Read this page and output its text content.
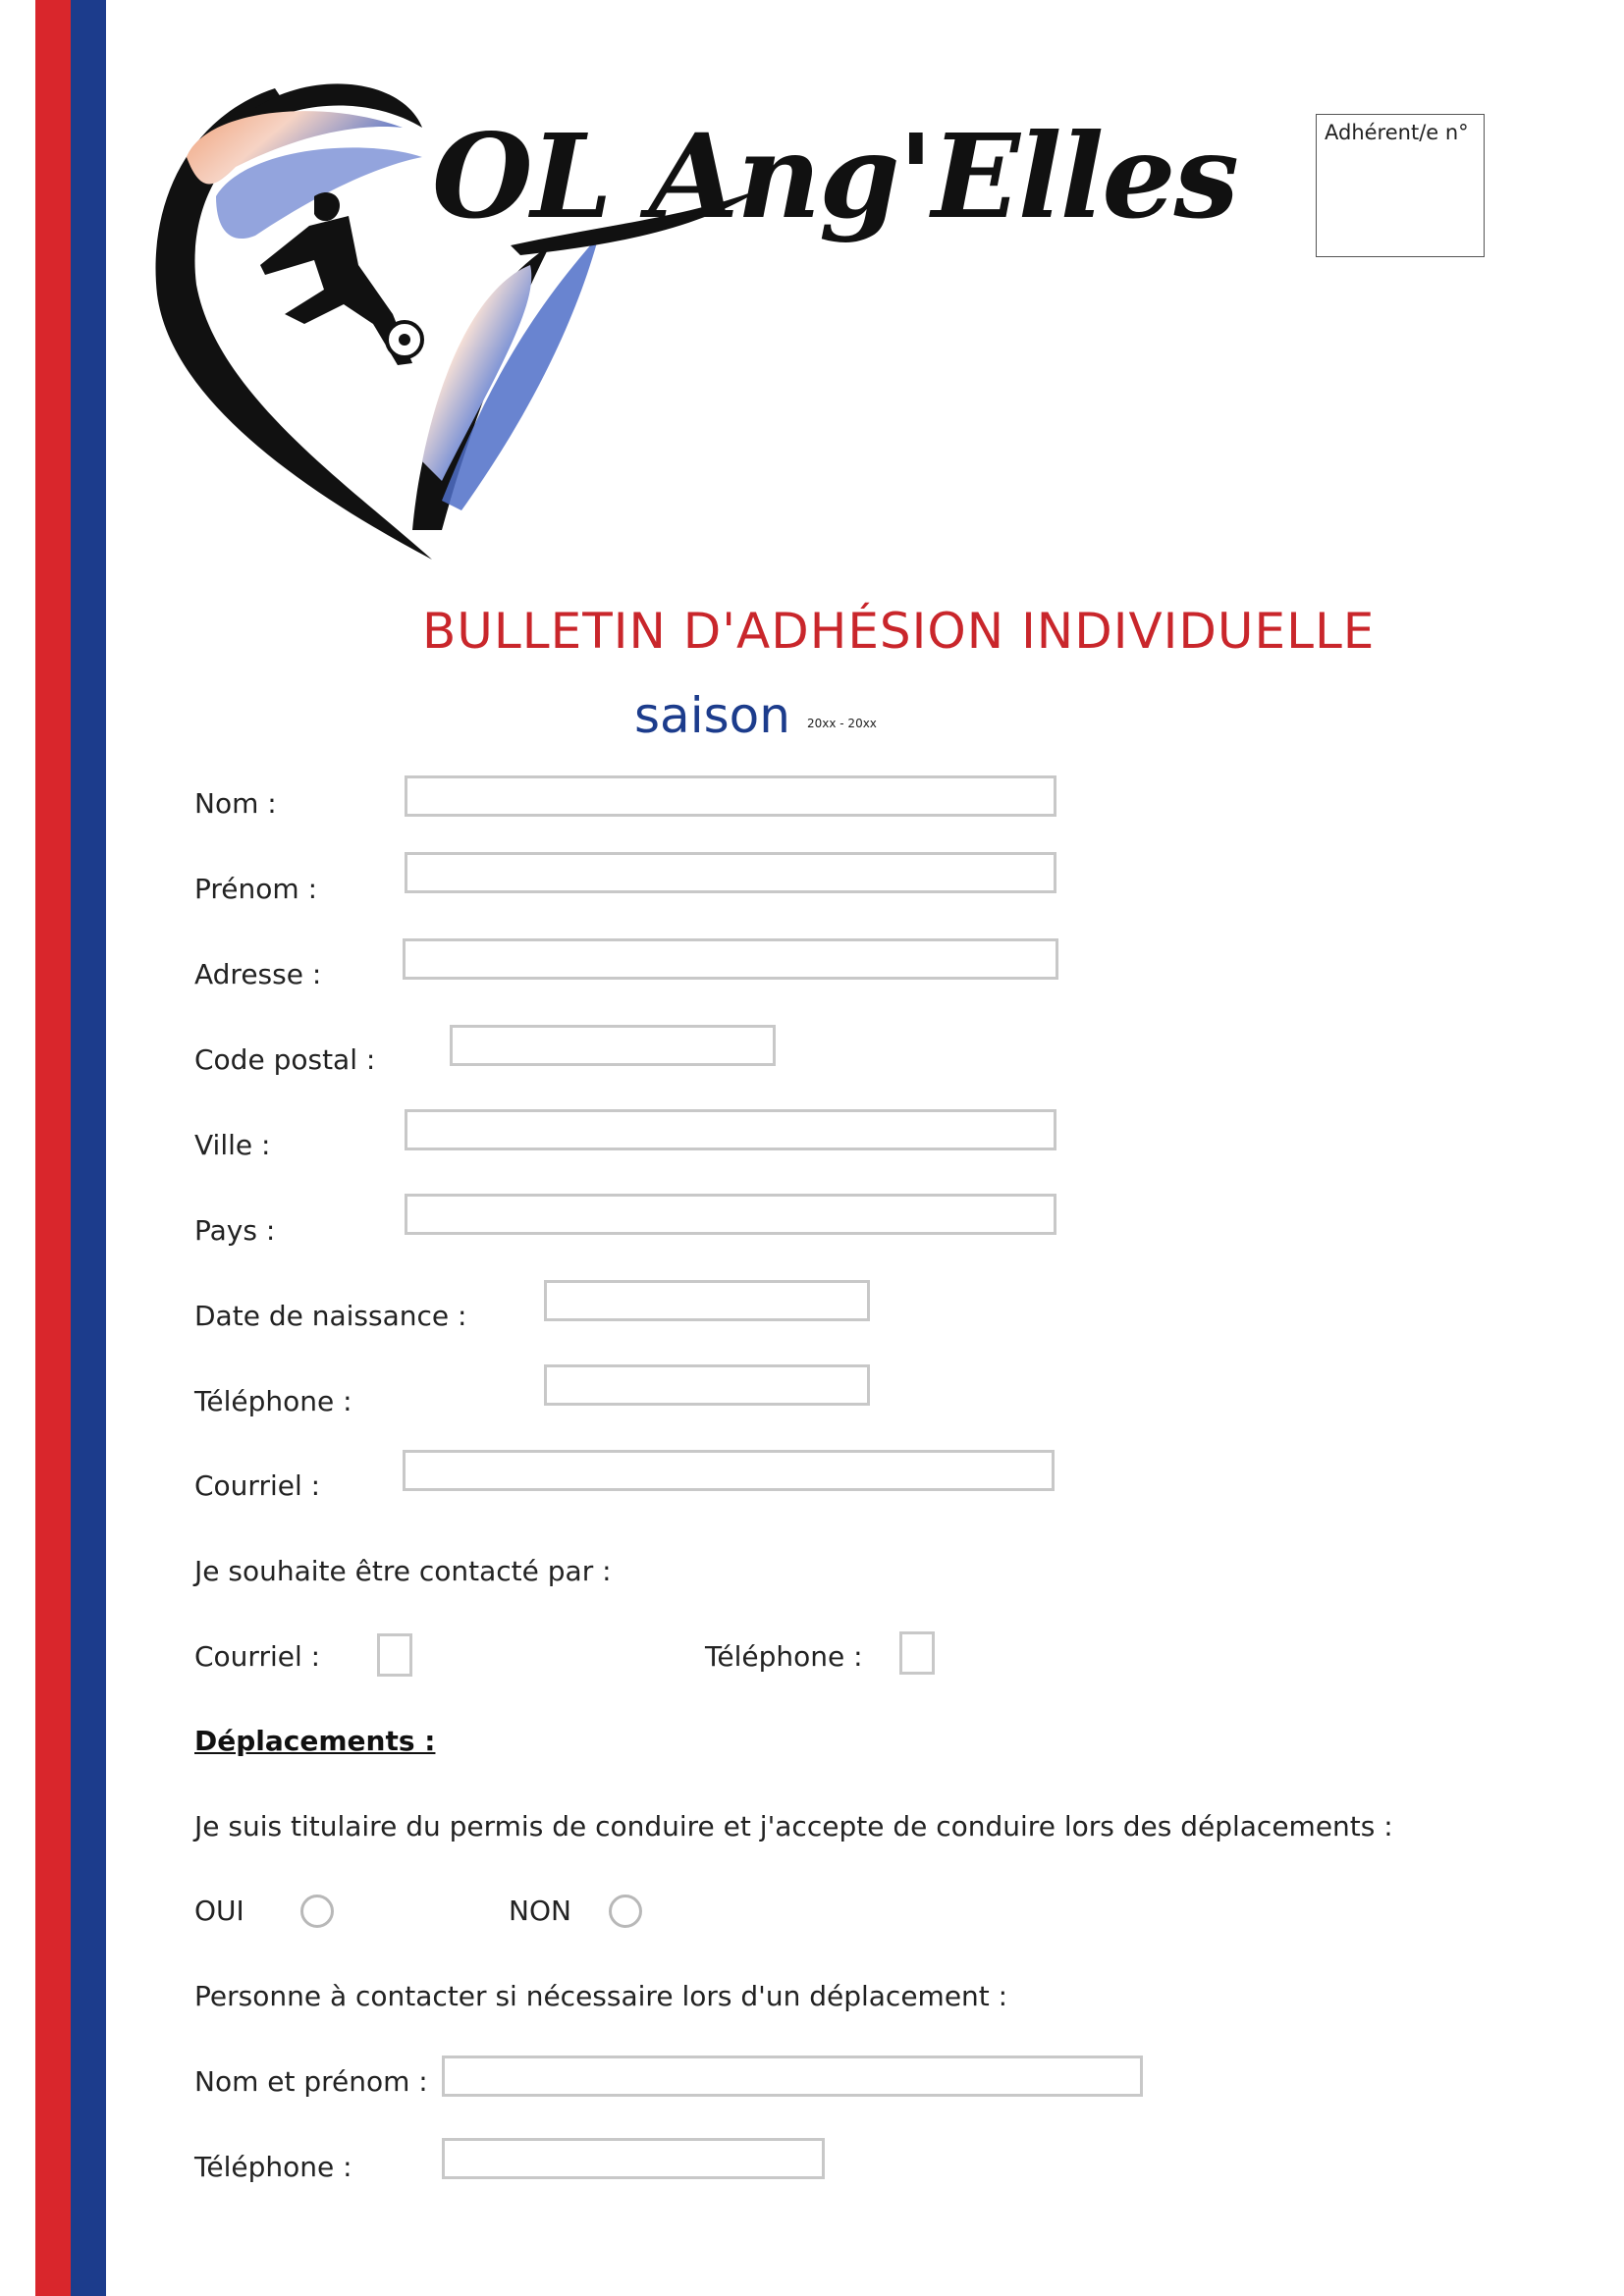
OL Ang'Elles	Adhérent/e n°
BULLETIN D'ADHÉSION INDIVIDUELLE
saison 20xx - 20xx
Nom :
Prénom :
Adresse :
Code postal :
Ville :
Pays :
Date de naissance :
Téléphone :
Courriel :
Je souhaite être contacté par :
Courriel :	Téléphone :
Déplacements :
Je suis titulaire du permis de conduire et j'accepte de conduire lors des déplacements :
OUI	NON
Personne à contacter si nécessaire lors d'un déplacement :
Nom et prénom :
Téléphone :
